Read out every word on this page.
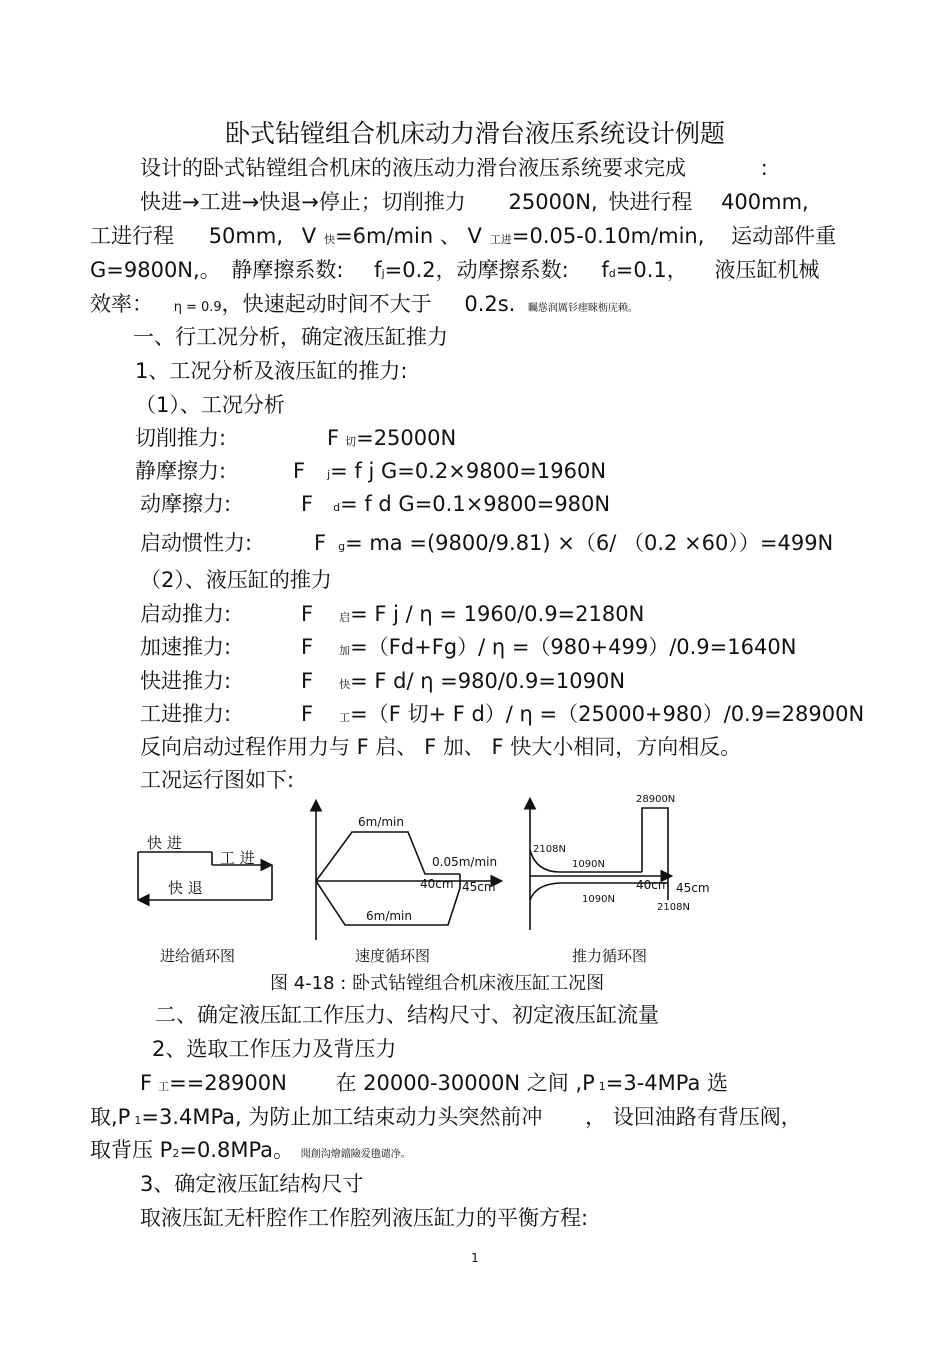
卧式钻镗组合机床动力滑台液压系统设计例题
设计的卧式钻镗组合机床的液压动力滑台液压系统要求完成	:
快进→工进→快退→停止；切削推力 25000N, 快进行程 400mm,
工进行程 50mm, V 快=6m/min 、 V 工进=0.05-0.10m/min, 运动部件重
G=9800N,。 静摩擦系数: fj=0.2，动摩擦系数: fd=0.1， 液压缸机械
效率： η = 0.9，快速起动时间不大于 0.2s. 矚慫润厲钐瘗睞枥庑赖。
一、行工况分析，确定液压缸推力
1、工况分析及液压缸的推力:
（1）、工况分析
切削推力:	F切=25000N
静摩擦力:	F j= f j G=0.2×9800=1960N
动摩擦力:	F d= f d G=0.1×9800=980N
启动惯性力:	F g= ma =(9800/9.81) ×（6/ （0.2 ×60））=499N
（2）、液压缸的推力
启动推力:	F 启= F j / η = 1960/0.9=2180N
加速推力:	F 加=（Fd+Fg）/ η =（980+499）/0.9=1640N
快进推力:	F 快= F d/ η =980/0.9=1090N
工进推力:	F 工=（F 切+ F d）/ η =（25000+980）/0.9=28900N
反向启动过程作用力与 F 启、 F 加、 F 快大小相同，方向相反。
工况运行图如下:
快 进
工 进
快 退
进给循环图
6m/min
0.05m/min
40cm 45cm
6m/min
速度循环图
28900N
2108N
1090N
1090N
40cm 45cm
2108N
推力循环图
图 4-18 : 卧式钻镗组合机床液压缸工况图
二、确定液压缸工作压力、结构尺寸、初定液压缸流量
2、选取工作压力及背压力
F工==28900N 在 20000-30000N 之间 ,P 1=3-4MPa 选
取,P 1=3.4MPa, 为防止加工结束动力头突然前冲 ， 设回油路有背压阀，
取背压 P2=0.8MPa。 聞創沟燴鐺險爱氇谴净。
3、确定液压缸结构尺寸
取液压缸无杆腔作工作腔列液压缸力的平衡方程:
1
